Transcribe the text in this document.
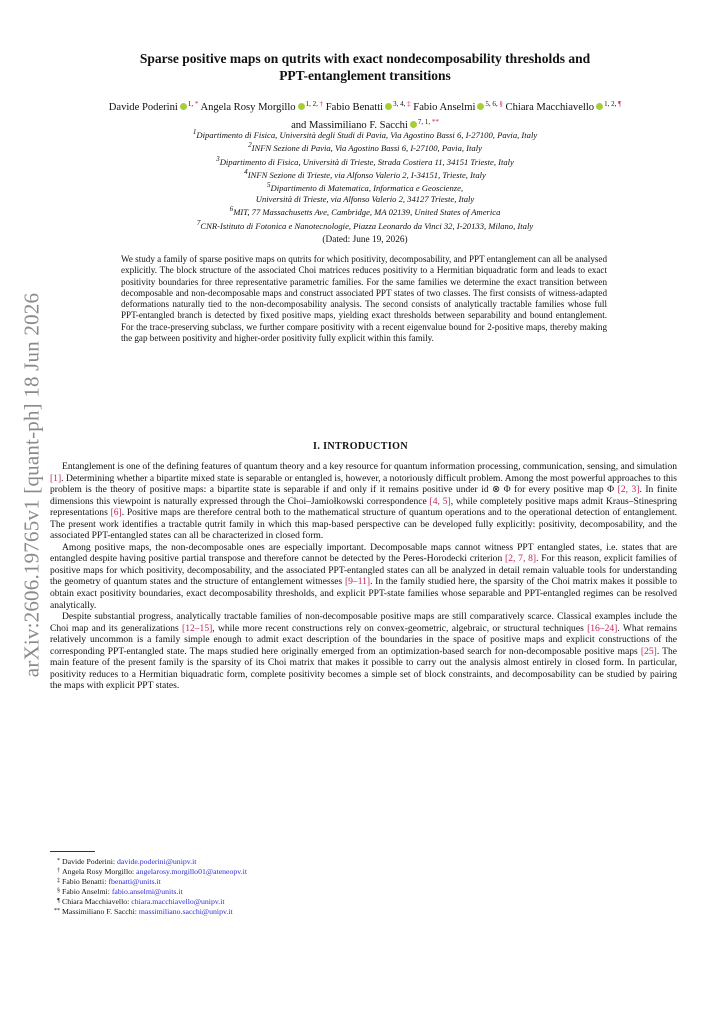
arXiv:2606.19765v1 [quant-ph] 18 Jun 2026
Sparse positive maps on qutrits with exact nondecomposability thresholds and
PPT-entanglement transitions
Davide Poderini $^{1, *}$ Angela Rosy Morgillo $^{1, 2, \dagger}$ Fabio Benatti $^{3, 4, \ddagger}$ Fabio Anselmi $^{5, 6, \S}$ Chiara Macchiavello $^{1, 2, \P}$ and Massimiliano F. Sacchi $^{7, 1, **}$
$^1$Dipartimento di Fisica, Università degli Studi di Pavia, Via Agostino Bassi 6, I-27100, Pavia, Italy
$^2$INFN Sezione di Pavia, Via Agostino Bassi 6, I-27100, Pavia, Italy
$^3$Dipartimento di Fisica, Università di Trieste, Strada Costiera 11, 34151 Trieste, Italy
$^4$INFN Sezione di Trieste, via Alfonso Valerio 2, I-34151, Trieste, Italy
$^5$Dipartimento di Matematica, Informatica e Geoscienze,
Università di Trieste, via Alfonso Valerio 2, 34127 Trieste, Italy
$^6$MIT, 77 Massachusetts Ave, Cambridge, MA 02139, United States of America
$^7$CNR-Istituto di Fotonica e Nanotecnologie, Piazza Leonardo da Vinci 32, I-20133, Milano, Italy
(Dated: June 19, 2026)
We study a family of sparse positive maps on qutrits for which positivity, decomposability, and PPT entanglement can all be analysed explicitly. The block structure of the associated Choi matrices reduces positivity to a Hermitian biquadratic form and leads to exact positivity boundaries for three representative parametric families. For the same families we determine the exact transition between decomposable and non-decomposable maps and construct associated PPT states of two classes. The first consists of witness-adapted deformations naturally tied to the non-decomposability analysis. The second consists of analytically tractable families whose full PPT-entangled branch is detected by fixed positive maps, yielding exact thresholds between separability and bound entanglement. For the trace-preserving subclass, we further compare positivity with a recent eigenvalue bound for 2-positive maps, thereby making the gap between positivity and higher-order positivity fully explicit within this family.
I. INTRODUCTION

Entanglement is one of the defining features of quantum theory and a key resource for quantum information processing, communication, sensing, and simulation [1]. Determining whether a bipartite mixed state is separable or entangled is, however, a notoriously difficult problem. Among the most powerful approaches to this problem is the theory of positive maps: a bipartite state is separable if and only if it remains positive under id ⊗ Φ for every positive map Φ [2, 3]. In finite dimensions this viewpoint is naturally expressed through the Choi–Jamiołkowski correspondence [4, 5], while completely positive maps admit Kraus–Stinespring representations [6]. Positive maps are therefore central both to the mathematical structure of quantum operations and to the operational detection of entanglement. The present work identifies a tractable qutrit family in which this map-based perspective can be developed fully explicitly: positivity, decomposability, and the associated PPT-entangled states can all be characterized in closed form.

Among positive maps, the non-decomposable ones are especially important. Decomposable maps cannot witness PPT entangled states, i.e. states that are entangled despite having positive partial transpose and therefore cannot be detected by the Peres-Horodecki criterion [2, 7, 8]. For this reason, explicit families of positive maps for which positivity, decomposability, and the associated PPT-entangled states can all be analyzed in detail remain valuable tools for understanding the geometry of quantum states and the structure of entanglement witnesses [9–11]. In the family studied here, the sparsity of the Choi matrix makes it possible to obtain exact positivity boundaries, exact decomposability thresholds, and explicit PPT-state families whose separable and PPT-entangled regimes can be resolved analytically.

Despite substantial progress, analytically tractable families of non-decomposable positive maps are still comparatively scarce. Classical examples include the Choi map and its generalizations [12–15], while more recent constructions rely on convex-geometric, algebraic, or structural techniques [16–24]. What remains relatively uncommon is a family simple enough to admit exact description of the boundaries in the space of positive maps and explicit constructions of the corresponding PPT-entangled state. The maps studied here originally emerged from an optimization-based search for non-decomposable positive maps [25]. The main feature of the present family is the sparsity of its Choi matrix that makes it possible to carry out the analysis almost entirely in closed form. In particular, positivity reduces to a Hermitian biquadratic form, complete positivity becomes a simple set of block constraints, and decomposability can be studied by pairing the maps with explicit PPT states.

* Davide Poderini: davide.poderini@unipv.it
† Angela Rosy Morgillo: angelarosy.morgillo01@ateneopv.it
‡ Fabio Benatti: fbenatti@units.it
§ Fabio Anselmi: fabio.anselmi@units.it
¶ Chiara Macchiavello: chiara.macchiavello@unipv.it
** Massimiliano F. Sacchi: massimiliano.sacchi@unipv.it
